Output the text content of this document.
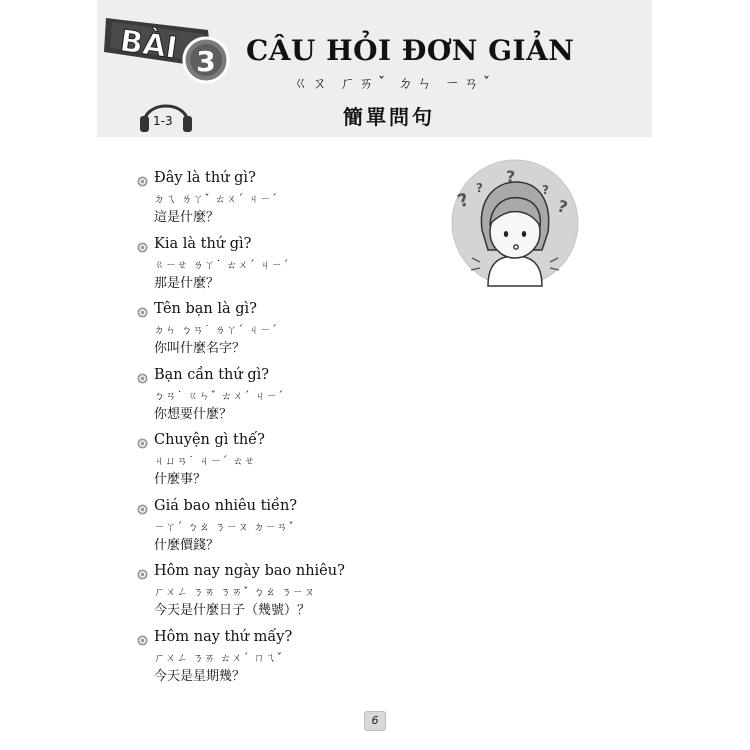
BÀI 3 CÂU HỎI ĐƠN GIẢN
ㄍㄡ ㄏㄞˇ ㄉㄣ ㄧㄢˇ
簡單問句
1-3
Đây là thứ gì?
ㄉㄟ ㄌㄚˇ ㄊㄨˊ ㄐㄧˊ
這是什麼？
Kia là thứ gì?
ㄍㄧㄝ ㄌㄚ˙ ㄊㄨˊ ㄐㄧˊ
那是什麼？
Tên bạn là gì?
ㄉㄣ ㄅㄢ˙ ㄌㄚˊ ㄐㄧˊ
你叫什麼名字？
Bạn cần thứ gì?
ㄅㄢ˙ ㄍㄣˇ ㄊㄨˊ ㄐㄧˊ
你想要什麼？
Chuyện gì thế?
ㄐㄩㄢ˙ ㄐㄧˊ ㄊㄝ
什麼事？
Giá bao nhiêu tiền?
ㄧㄚˊ ㄅㄠ ㄋㄧㄡ ㄉㄧㄢˇ
什麼價錢？
Hôm nay ngày bao nhiêu?
ㄏㄨㄥ ㄋㄞ ㄋㄞˇ ㄅㄠ ㄋㄧㄡ
今天是什麼日子（幾號）？
Hôm nay thứ mấy?
ㄏㄨㄥ ㄋㄞ ㄊㄨˊ ㄇㄟˇ
今天是星期幾？
?
?
?
?
?
6
